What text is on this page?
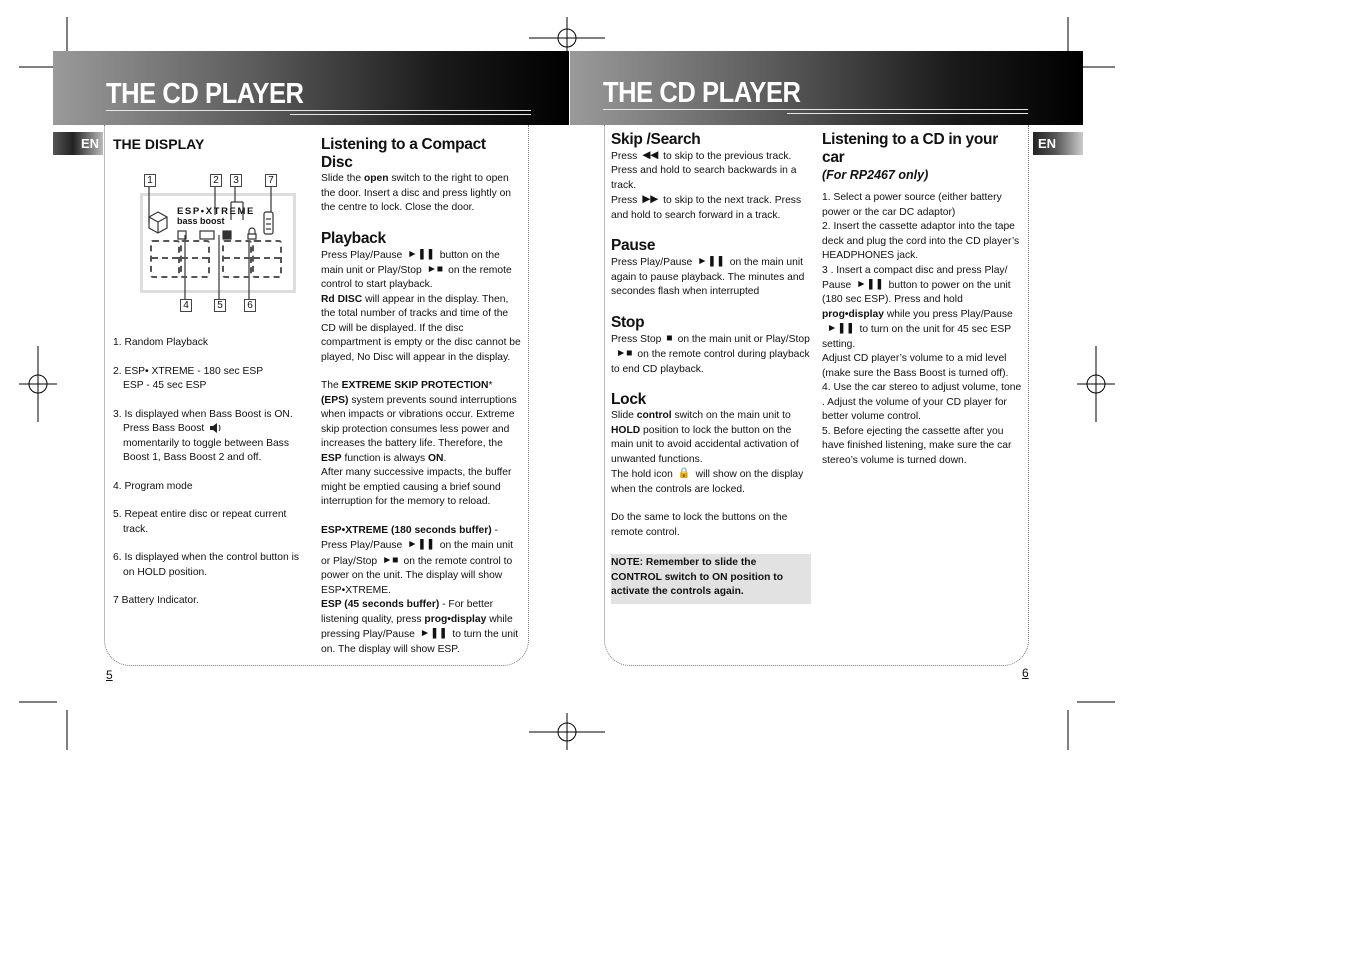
THE CD PLAYER
EN THE DISPLAY

ESP•XTREME
bass boost
1	2	3	7
4	5	6

1. Random Playback

2. ESP• XTREME - 180 sec ESP

ESP - 45 sec ESP

3. Is displayed when Bass Boost is ON.

Press Bass Boost

momentarily to toggle between Bass Boost 1, Bass Boost 2 and off.

4. Program mode

5. Repeat entire disc or repeat current

track.

6. Is displayed when the control button is

on HOLD position.

7 Battery Indicator.

Listening to a Compact Disc

Slide the open switch to the right to open the door. Insert a disc and press lightly on the centre to lock. Close the door.

Playback

Press Play/Pause ►❚❚ button on the main unit or Play/Stop ►■ on the remote control to start playback.

Rd DISC will appear in the display. Then, the total number of tracks and time of the CD will be displayed. If the disc compartment is empty or the disc cannot be played, No Disc will appear in the display.

The EXTREME SKIP PROTECTION* (EPS) system prevents sound interruptions when impacts or vibrations occur. Extreme skip protection consumes less power and increases the battery life. Therefore, the ESP function is always ON.

After many successive impacts, the buffer might be emptied causing a brief sound interruption for the memory to reload.

ESP•XTREME (180 seconds buffer) - Press Play/Pause ►❚❚ on the main unit or Play/Stop ►■ on the remote control to power on the unit. The display will show ESP•XTREME.

ESP (45 seconds buffer) - For better listening quality, press prog•display while pressing Play/Pause ►❚❚ to turn the unit on. The display will show ESP.

5
THE CD PLAYER
EN

Skip /Search

Press ◀◀ to skip to the previous track. Press and hold to search backwards in a track.

Press ▶▶ to skip to the next track. Press and hold to search forward in a track.

Pause

Press Play/Pause ►❚❚ on the main unit again to pause playback. The minutes and secondes flash when interrupted

Stop

Press Stop ■ on the main unit or Play/Stop►■ on the remote control during playback to end CD playback.

Lock

Slide control switch on the main unit to HOLD position to lock the button on the main unit to avoid accidental activation of unwanted functions.

The hold icon 🔒 will show on the display when the controls are locked.

Do the same to lock the buttons on the remote control.

NOTE: Remember to slide the CONTROL switch to ON position to activate the controls again.

Listening to a CD in your car

(For RP2467 only)

1. Select a power source (either battery power or the car DC adaptor)

2. Insert the cassette adaptor into the tape deck and plug the cord into the CD player’s HEADPHONES jack.

3 . Insert a compact disc and press Play/ Pause ►❚❚ button to power on the unit (180 sec ESP). Press and hold prog•display while you press Play/Pause►❚❚ to turn on the unit for 45 sec ESP setting.

Adjust CD player’s volume to a mid level (make sure the Bass Boost is turned off).

4. Use the car stereo to adjust volume, tone . Adjust the volume of your CD player for better volume control.

5. Before ejecting the cassette after you have finished listening, make sure the car stereo’s volume is turned down.

6
